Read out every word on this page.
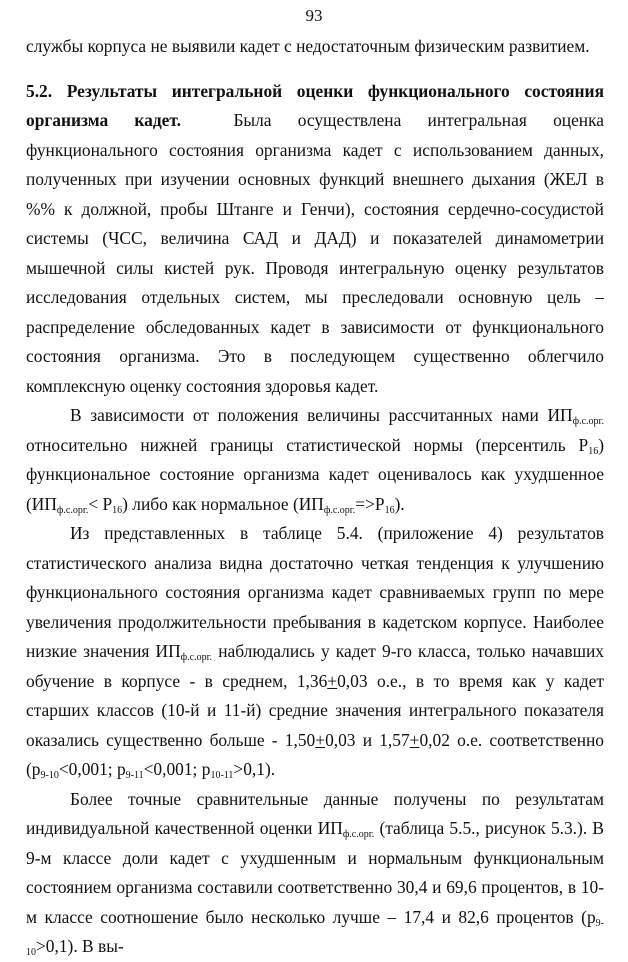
93

службы корпуса не выявили кадет с недостаточным физическим развитием.

5.2. Результаты интегральной оценки функционального состояния организма кадет.	Была осуществлена интегральная оценка функционального состояния организма кадет с использованием данных, полученных при изучении основных функций внешнего дыхания (ЖЕЛ в %% к должной, пробы Штанге и Генчи), состояния сердечно-сосудистой системы (ЧСС, величина САД и ДАД) и показателей динамометрии мышечной силы кистей рук. Проводя интегральную оценку результатов исследования отдельных систем, мы преследовали основную цель – распределение обследованных кадет в зависимости от функционального состояния организма. Это в последующем существенно облегчило комплексную оценку состояния здоровья кадет.

В зависимости от положения величины рассчитанных нами $ИП_{ф.с.орг.}$ относительно нижней границы статистической нормы (персентиль $P_{16}$) функциональное состояние организма кадет оценивалось как ухудшенное $(ИП_{ф.с.орг.}< P_{16})$ либо как нормальное $(ИП_{ф.с.орг.}=>P_{16})$.

Из представленных в таблице 5.4. (приложение 4) результатов статистического анализа видна достаточно четкая тенденция к улучшению функционального состояния организма кадет сравниваемых групп по мере увеличения продолжительности пребывания в кадетском корпусе. Наиболее низкие значения $ИП_{ф.с.орг.}$ наблюдались у кадет 9-го класса, только начавших обучение в корпусе - в среднем, 1,36+0,03 о.е., в то время как у кадет старших классов (10-й и 11-й) средние значения интегрального показателя оказались существенно больше - 1,50+0,03 и 1,57+0,02 о.е. соответственно ($p_{9-10}<0,001$; $p_{9-11}<0,001$; $p_{10-11}>0,1$).

Более точные сравнительные данные получены по результатам индивидуальной качественной оценки $ИП_{ф.с.орг.}$ (таблица 5.5., рисунок 5.3.). В 9-м классе доли кадет с ухудшенным и нормальным функциональным состоянием организма составили соответственно 30,4 и 69,6 процентов, в 10-м классе соотношение было несколько лучше – 17,4 и 82,6 процентов $(p_{9-10}>0,1)$. В вы-
